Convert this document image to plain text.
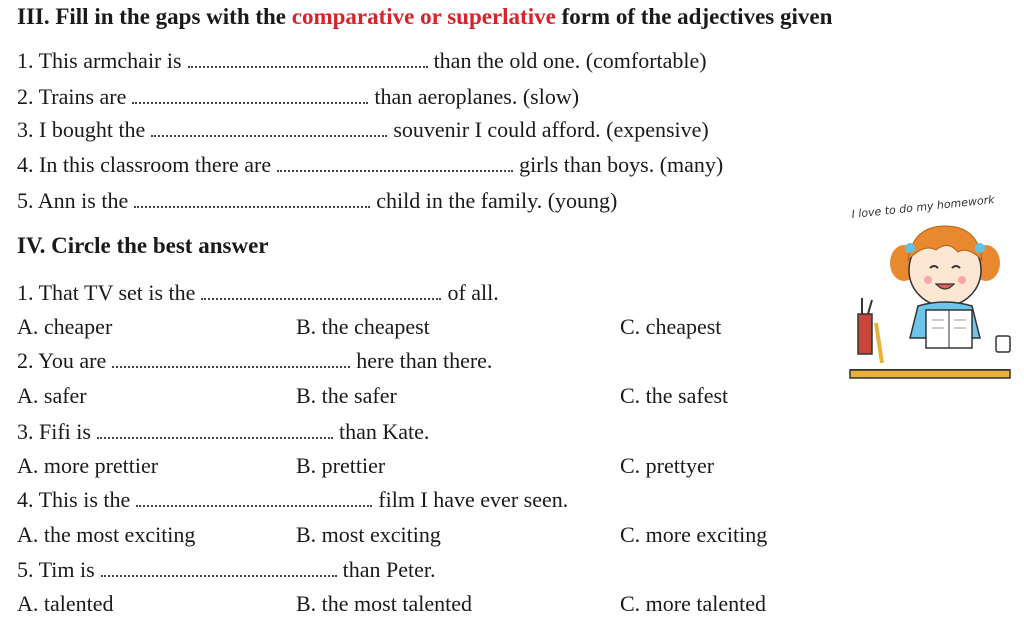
III. Fill in the gaps with the comparative or superlative form of the adjectives given
1. This armchair is	than the old one. (comfortable)
2. Trains are	than aeroplanes. (slow)
3. I bought the	souvenir I could afford. (expensive)
4. In this classroom there are	girls than boys. (many)
5. Ann is the	child in the family. (young)
IV. Circle the best answer
1. That TV set is the	of all.
A. cheaper	B. the cheapest	C. cheapest
2. You are	here than there.
A. safer	B. the safer	C. the safest
3. Fifi is	than Kate.
A. more prettier	B. prettier	C. prettyer
4. This is the	film I have ever seen.
A. the most exciting	B. most exciting	C. more exciting
5. Tim is	than Peter.
A. talented	B. the most talented	C. more talented
I love to do my homework
